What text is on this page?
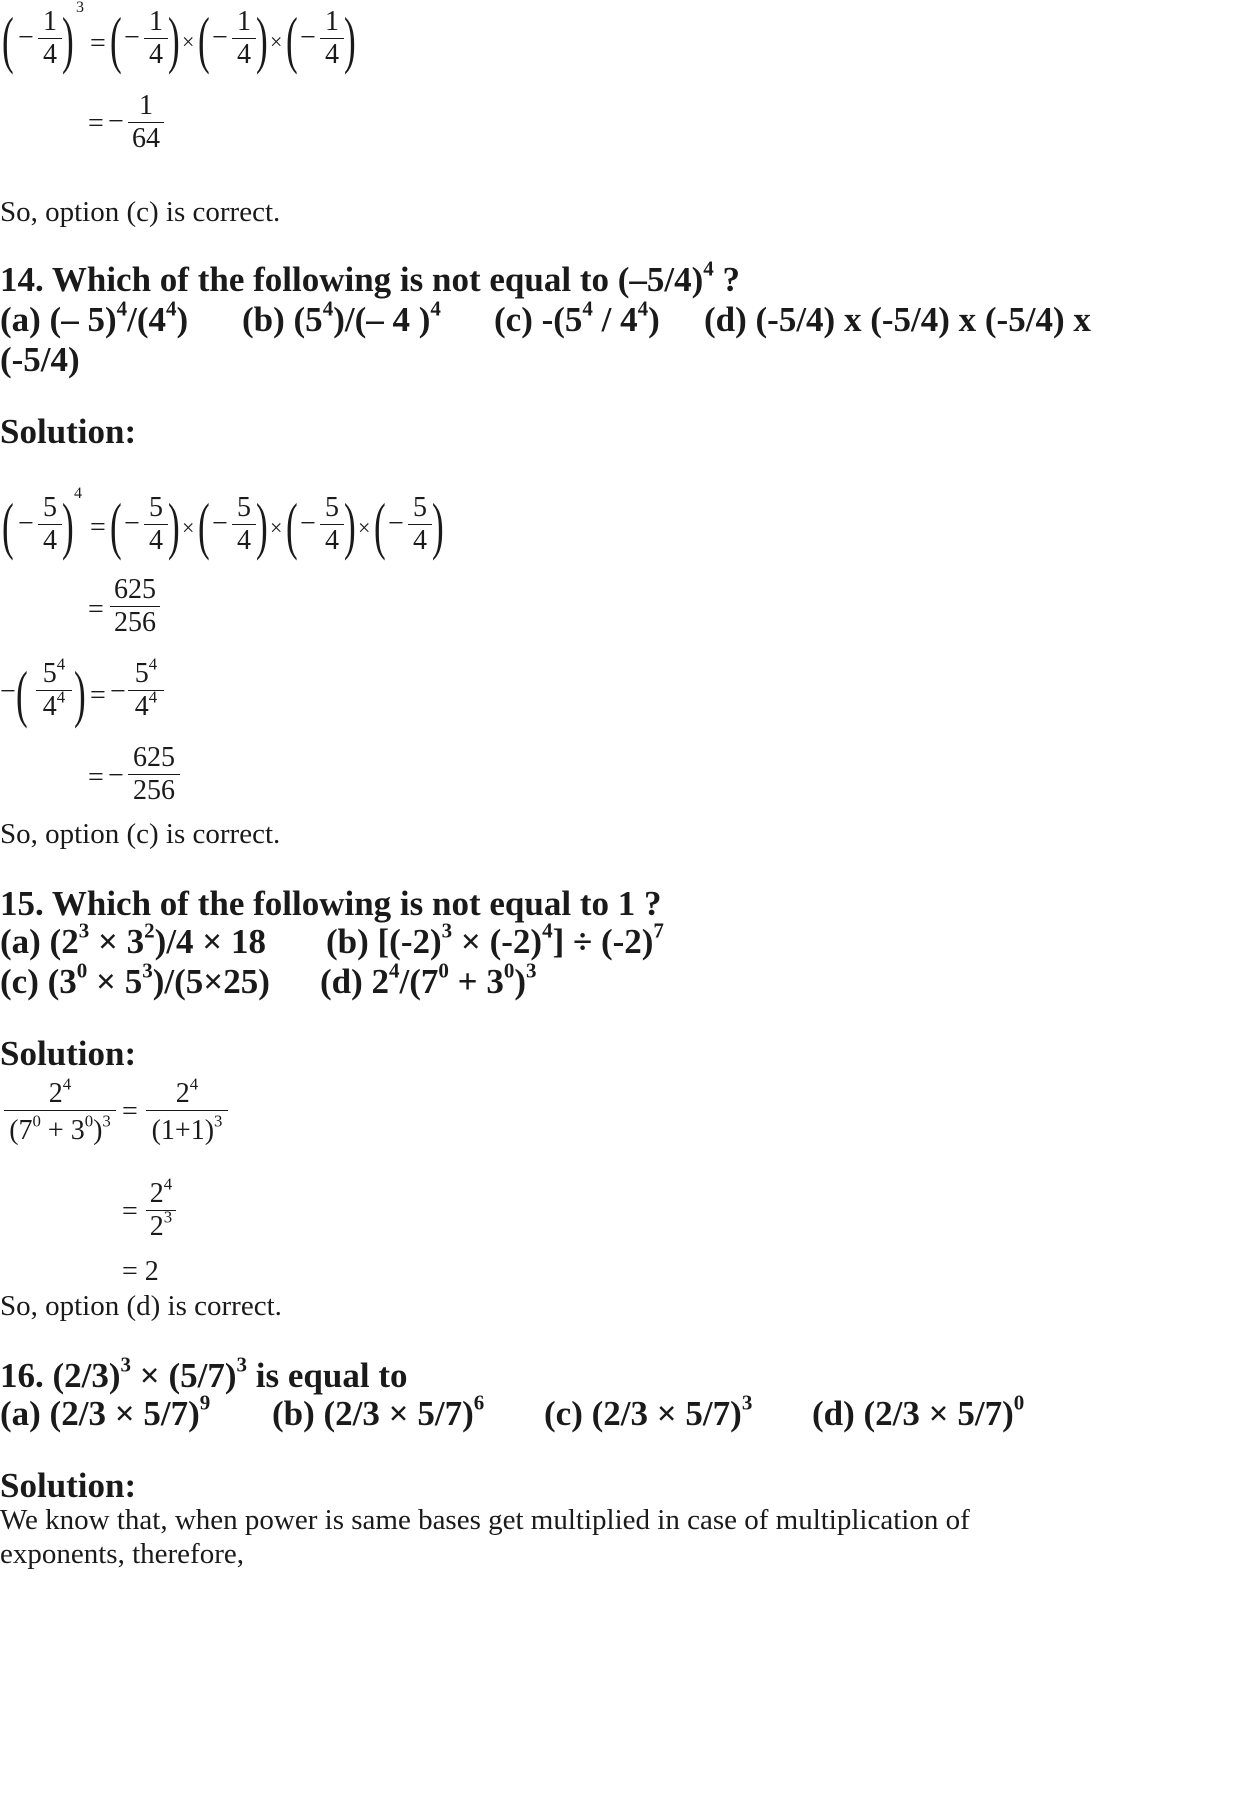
( −
1
4 ) 3
= ( −
1
4 ) × ( −
1
4 ) × ( −
1
4 )
= −
1
64
So, option (c) is correct.
14. Which of the following is not equal to $(-5/4)^4$ ?
(a) (– $5)^4/(4^4)$ (b) $(5^4)/(-$ 4 )$^4$ (c) $-(5^4 / 4^4)$ (d) (-5/4) x (-5/4) x (-5/4) x
(-5/4)
Solution:
( −
5
4 ) 4
= ( −
5
4 ) × ( −
5
4 ) × ( −
5
4 ) × ( −
5
4 )
=
625
256
− ( $5^4$
$4^4$ ) = −
$5^4$
$4^4$
= −
625
256
So, option (c) is correct.
15. Which of the following is not equal to 1 ?
(a) $(2^3 \times 3^2)/4 \times 18$ (b) $[(-2)^3 \times (-2)^4] \div (-2)^7$
(c) $(3^0 \times 5^3)/(5\times 25)$ (d) $2^4/(7^0 + 3^0)^3$
Solution:
$2^4$
$(7^0 + 3^0)^3$ =
$2^4$
$(1+1)^3$
=
$2^4$
$2^3$
= 2
So, option (d) is correct.
16. $(2/3)^3 \times (5/7)^3$ is equal to
(a) $(2/3 \times 5/7)^9$ (b) $(2/3 \times 5/7)^6$ (c) $(2/3 \times 5/7)^3$ (d) $(2/3 \times 5/7)^0$
Solution:
We know that, when power is same bases get multiplied in case of multiplication of
exponents, therefore,
